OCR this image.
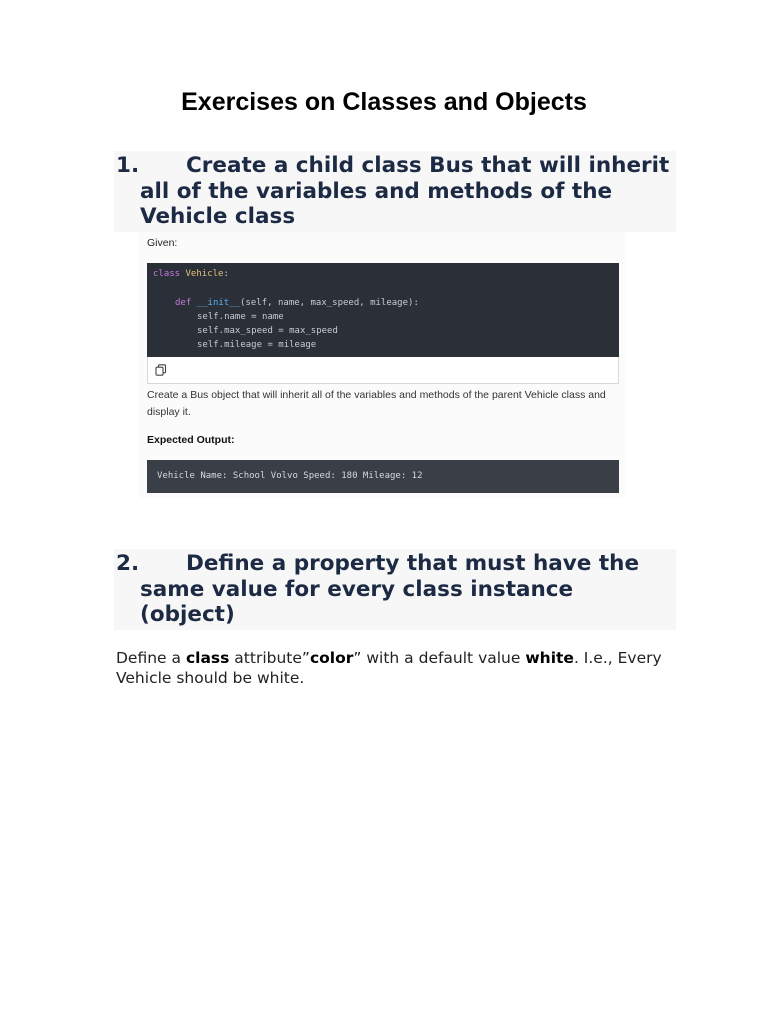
Exercises on Classes and Objects
1. Create a child class Bus that will inherit all of the variables and methods of the Vehicle class
Given:
class Vehicle:
def __init__(self, name, max_speed, mileage):
self.name = name
self.max_speed = max_speed
self.mileage = mileage
Create a Bus object that will inherit all of the variables and methods of the parent Vehicle class and display it.
Expected Output:
Vehicle Name: School Volvo Speed: 180 Mileage: 12
2. Define a property that must have the same value for every class instance (object)

Define a class attribute”color” with a default value white. I.e., Every Vehicle should be white.
